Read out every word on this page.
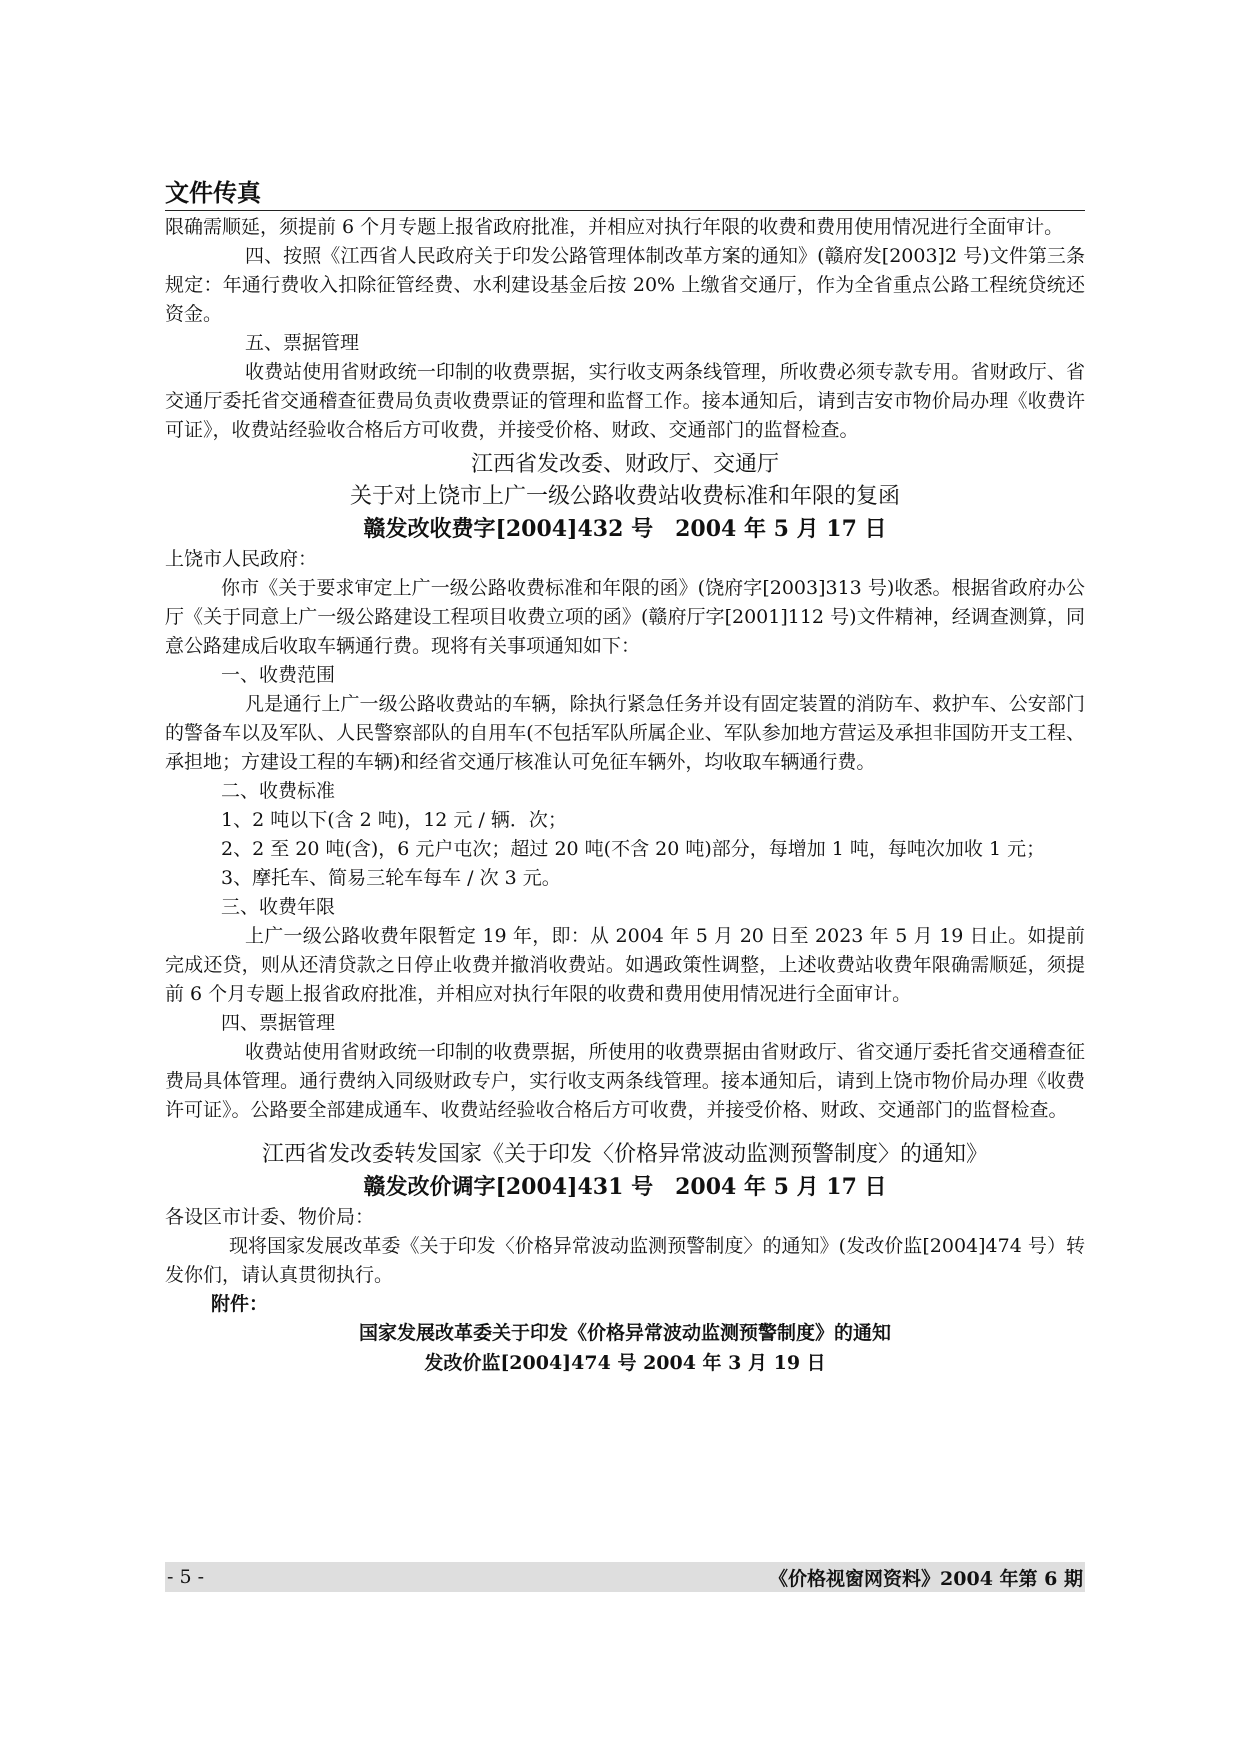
文件传真

限确需顺延，须提前 6 个月专题上报省政府批准，并相应对执行年限的收费和费用使用情况进行全面审计。

四、按照《江西省人民政府关于印发公路管理体制改革方案的通知》(赣府发[2003]2 号)文件第三条规定：年通行费收入扣除征管经费、水利建设基金后按 20% 上缴省交通厅，作为全省重点公路工程统贷统还资金。

五、票据管理

收费站使用省财政统一印制的收费票据，实行收支两条线管理，所收费必须专款专用。省财政厅、省交通厅委托省交通稽查征费局负责收费票证的管理和监督工作。接本通知后，请到吉安市物价局办理《收费许可证》，收费站经验收合格后方可收费，并接受价格、财政、交通部门的监督检查。

江西省发改委、财政厅、交通厅
关于对上饶市上广一级公路收费站收费标准和年限的复函
赣发改收费字[2004]432 号　2004 年 5 月 17 日

上饶市人民政府：

你市《关于要求审定上广一级公路收费标准和年限的函》(饶府字[2003]313 号)收悉。根据省政府办公厅《关于同意上广一级公路建设工程项目收费立项的函》(赣府厅字[2001]112 号)文件精神，经调查测算，同意公路建成后收取车辆通行费。现将有关事项通知如下：

一、收费范围

凡是通行上广一级公路收费站的车辆，除执行紧急任务并设有固定装置的消防车、救护车、公安部门的警备车以及军队、人民警察部队的自用车(不包括军队所属企业、军队参加地方营运及承担非国防开支工程、承担地；方建设工程的车辆)和经省交通厅核准认可免征车辆外，均收取车辆通行费。

二、收费标准

1、2 吨以下(含 2 吨)，12 元 / 辆．次；

2、2 至 20 吨(含)，6 元户屯次；超过 20 吨(不含 20 吨)部分，每增加 1 吨，每吨次加收 1 元；

3、摩托车、简易三轮车每车 / 次 3 元。

三、收费年限

上广一级公路收费年限暂定 19 年，即：从 2004 年 5 月 20 日至 2023 年 5 月 19 日止。如提前完成还贷，则从还清贷款之日停止收费并撤消收费站。如遇政策性调整，上述收费站收费年限确需顺延，须提前 6 个月专题上报省政府批准，并相应对执行年限的收费和费用使用情况进行全面审计。

四、票据管理

收费站使用省财政统一印制的收费票据，所使用的收费票据由省财政厅、省交通厅委托省交通稽查征费局具体管理。通行费纳入同级财政专户，实行收支两条线管理。接本通知后，请到上饶市物价局办理《收费许可证》。公路要全部建成通车、收费站经验收合格后方可收费，并接受价格、财政、交通部门的监督检查。

江西省发改委转发国家《关于印发〈价格异常波动监测预警制度〉的通知》
赣发改价调字[2004]431 号　2004 年 5 月 17 日

各设区市计委、物价局：

现将国家发展改革委《关于印发〈价格异常波动监测预警制度〉的通知》(发改价监[2004]474 号）转发你们，请认真贯彻执行。

附件：

国家发展改革委关于印发《价格异常波动监测预警制度》的通知
发改价监[2004]474 号 2004 年 3 月 19 日
- 5 -	《价格视窗网资料》2004 年第 6 期
